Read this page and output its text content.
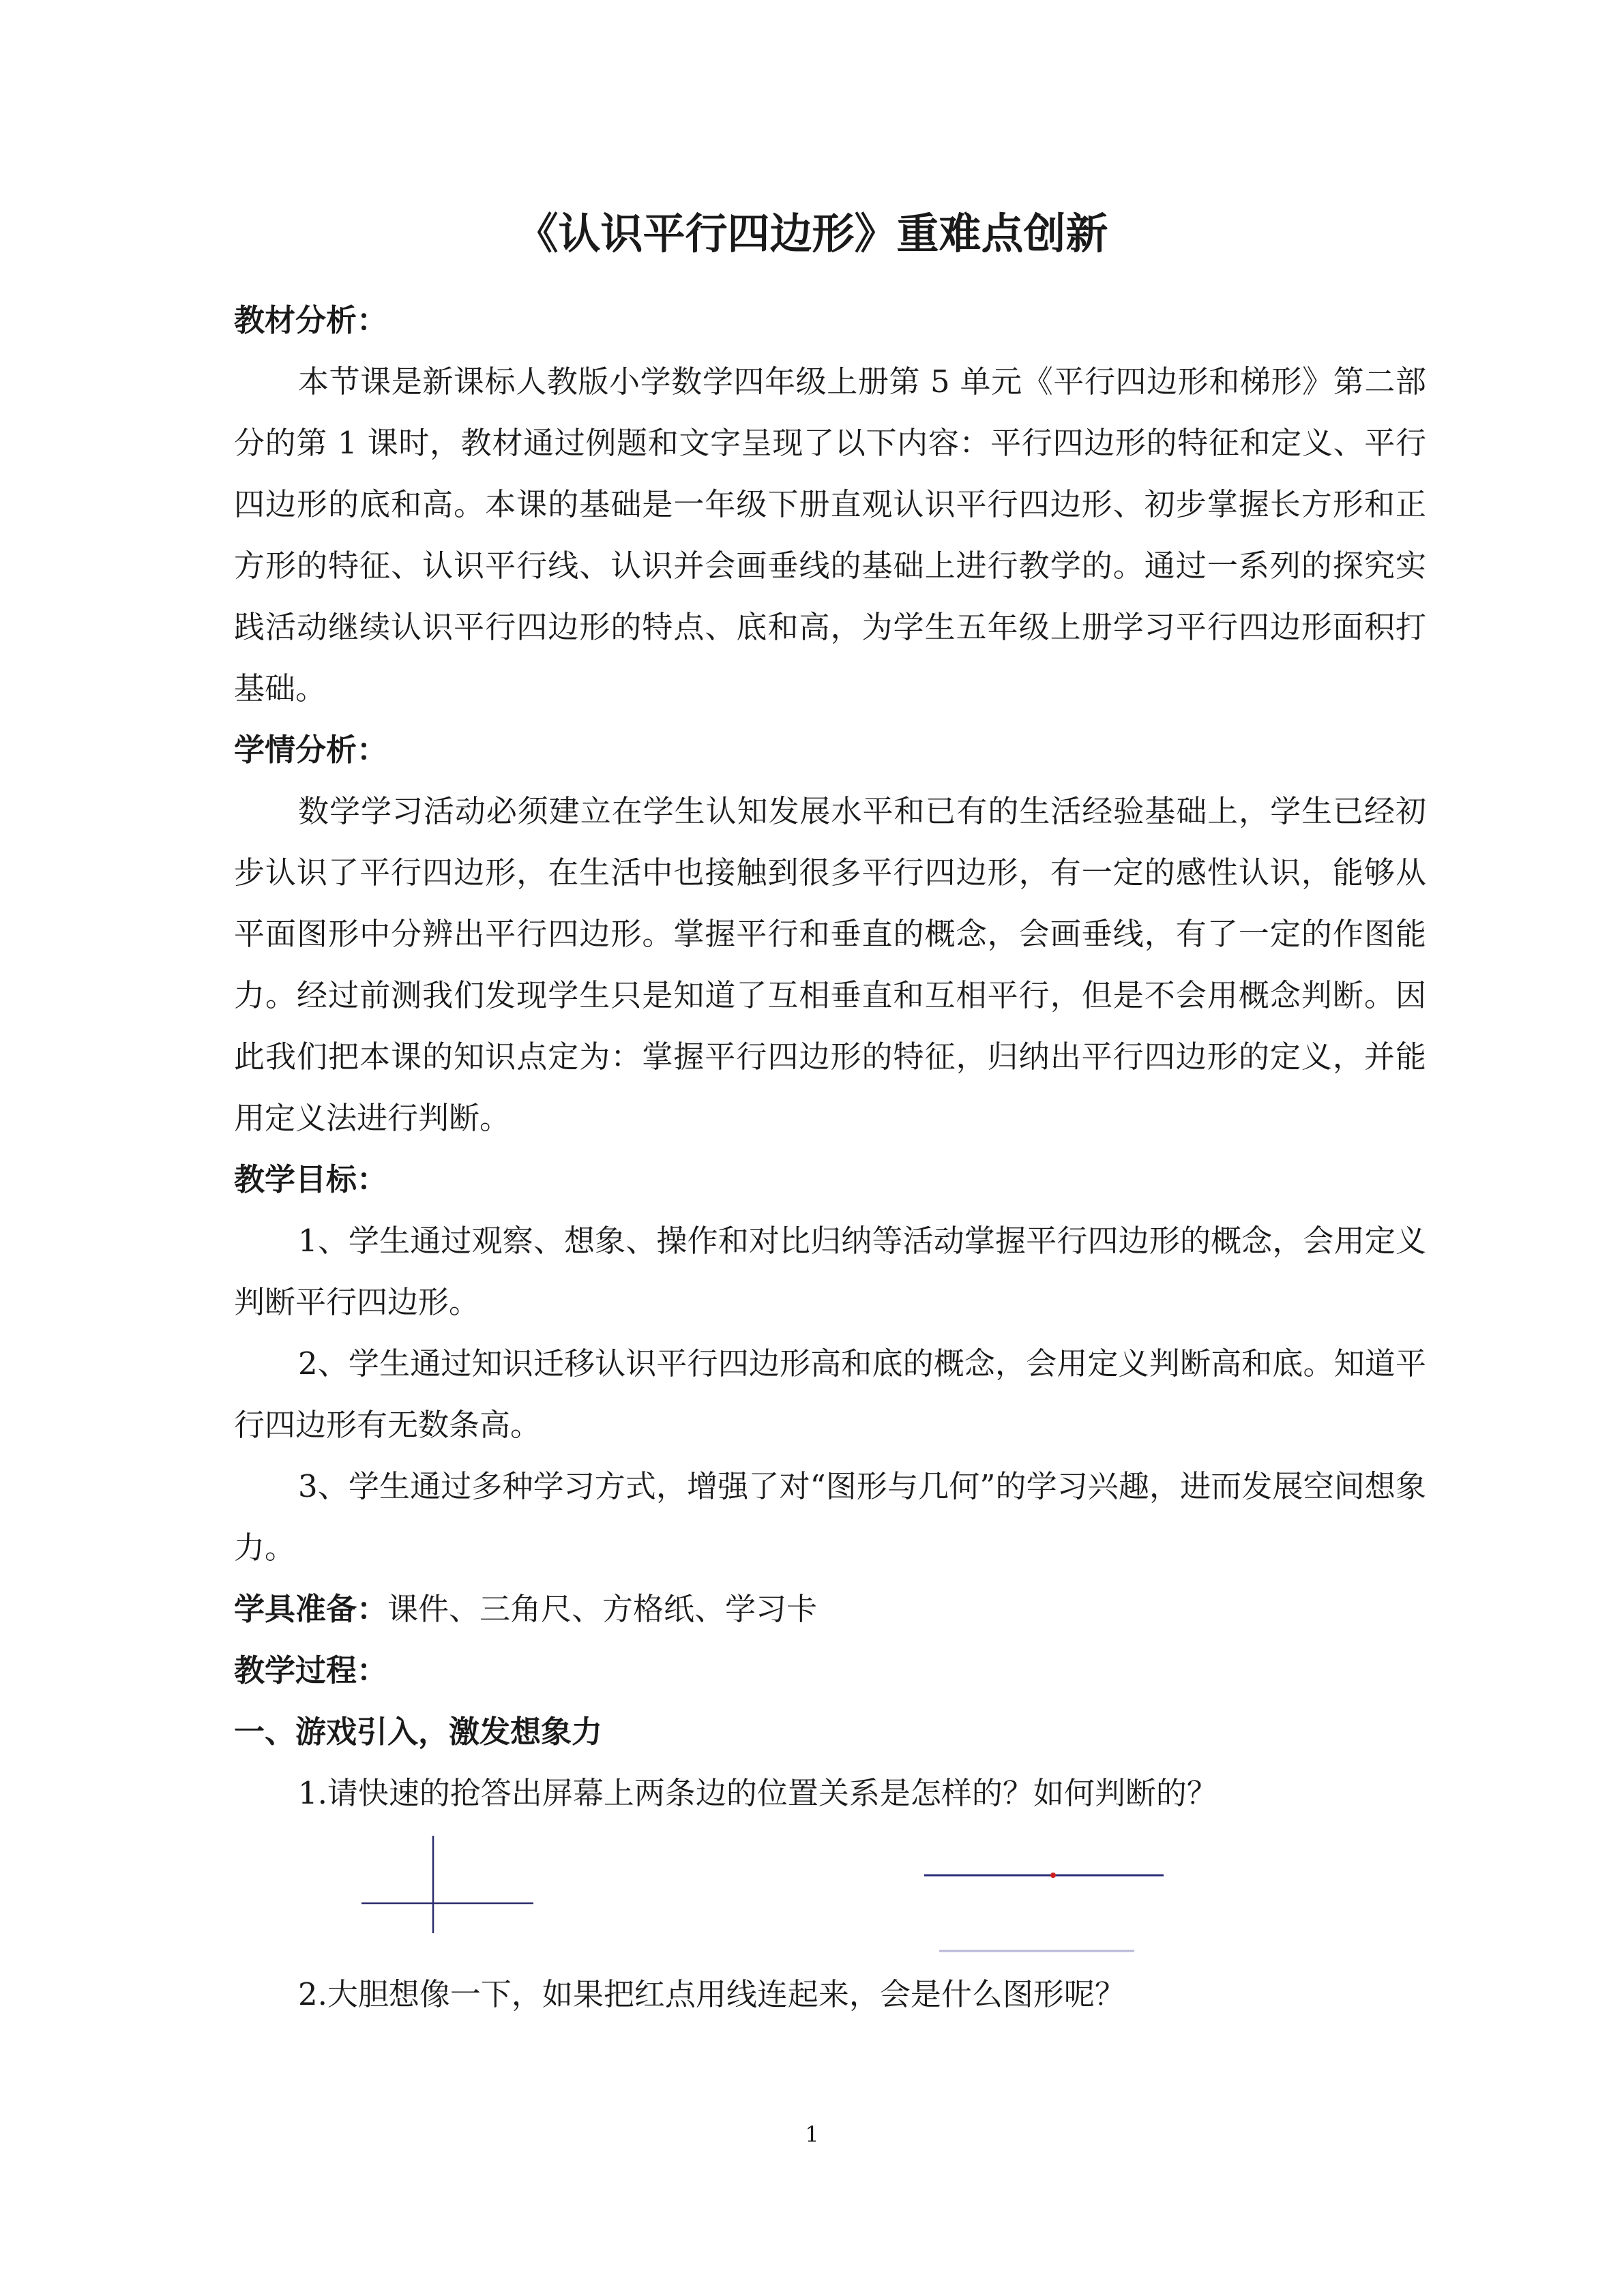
《认识平行四边形》重难点创新

教材分析：

本节课是新课标人教版小学数学四年级上册第 5 单元《平行四边形和梯形》第二部分的第 1 课时，教材通过例题和文字呈现了以下内容：平行四边形的特征和定义、平行四边形的底和高。本课的基础是一年级下册直观认识平行四边形、初步掌握长方形和正方形的特征、认识平行线、认识并会画垂线的基础上进行教学的。通过一系列的探究实践活动继续认识平行四边形的特点、底和高，为学生五年级上册学习平行四边形面积打基础。

学情分析：

数学学习活动必须建立在学生认知发展水平和已有的生活经验基础上，学生已经初步认识了平行四边形，在生活中也接触到很多平行四边形，有一定的感性认识，能够从平面图形中分辨出平行四边形。掌握平行和垂直的概念，会画垂线，有了一定的作图能力。经过前测我们发现学生只是知道了互相垂直和互相平行，但是不会用概念判断。因此我们把本课的知识点定为：掌握平行四边形的特征，归纳出平行四边形的定义，并能用定义法进行判断。

教学目标：

1、学生通过观察、想象、操作和对比归纳等活动掌握平行四边形的概念，会用定义判断平行四边形。

2、学生通过知识迁移认识平行四边形高和底的概念，会用定义判断高和底。知道平行四边形有无数条高。

3、学生通过多种学习方式，增强了对“图形与几何”的学习兴趣，进而发展空间想象力。

学具准备：课件、三角尺、方格纸、学习卡

教学过程：

一、游戏引入，激发想象力

1.请快速的抢答出屏幕上两条边的位置关系是怎样的？如何判断的？

2.大胆想像一下，如果把红点用线连起来，会是什么图形呢？

1
